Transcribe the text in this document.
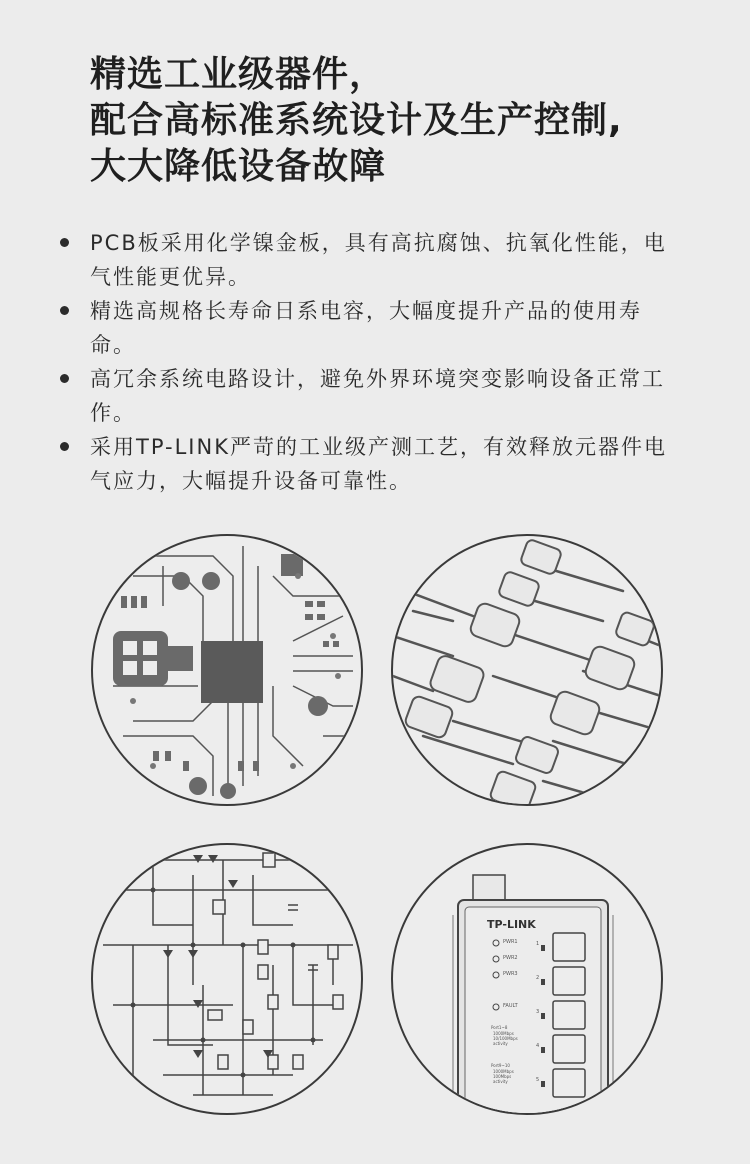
精选工业级器件，
配合高标准系统设计及生产控制,
大大降低设备故障
PCB板采用化学镍金板，具有高抗腐蚀、抗氧化性能，电气性能更优异。
精选高规格长寿命日系电容，大幅度提升产品的使用寿命。
高冗余系统电路设计，避免外界环境突变影响设备正常工作。
采用TP-LINK严苛的工业级产测工艺，有效释放元器件电气应力，大幅提升设备可靠性。
TP-LINK
PWR1
PWR2
PWR3
FAULT
Port1~8
1000Mbps
10/100Mbps
activity
Port9~10
1000Mbps
100Mbps
activity
1
2
3
4
5
